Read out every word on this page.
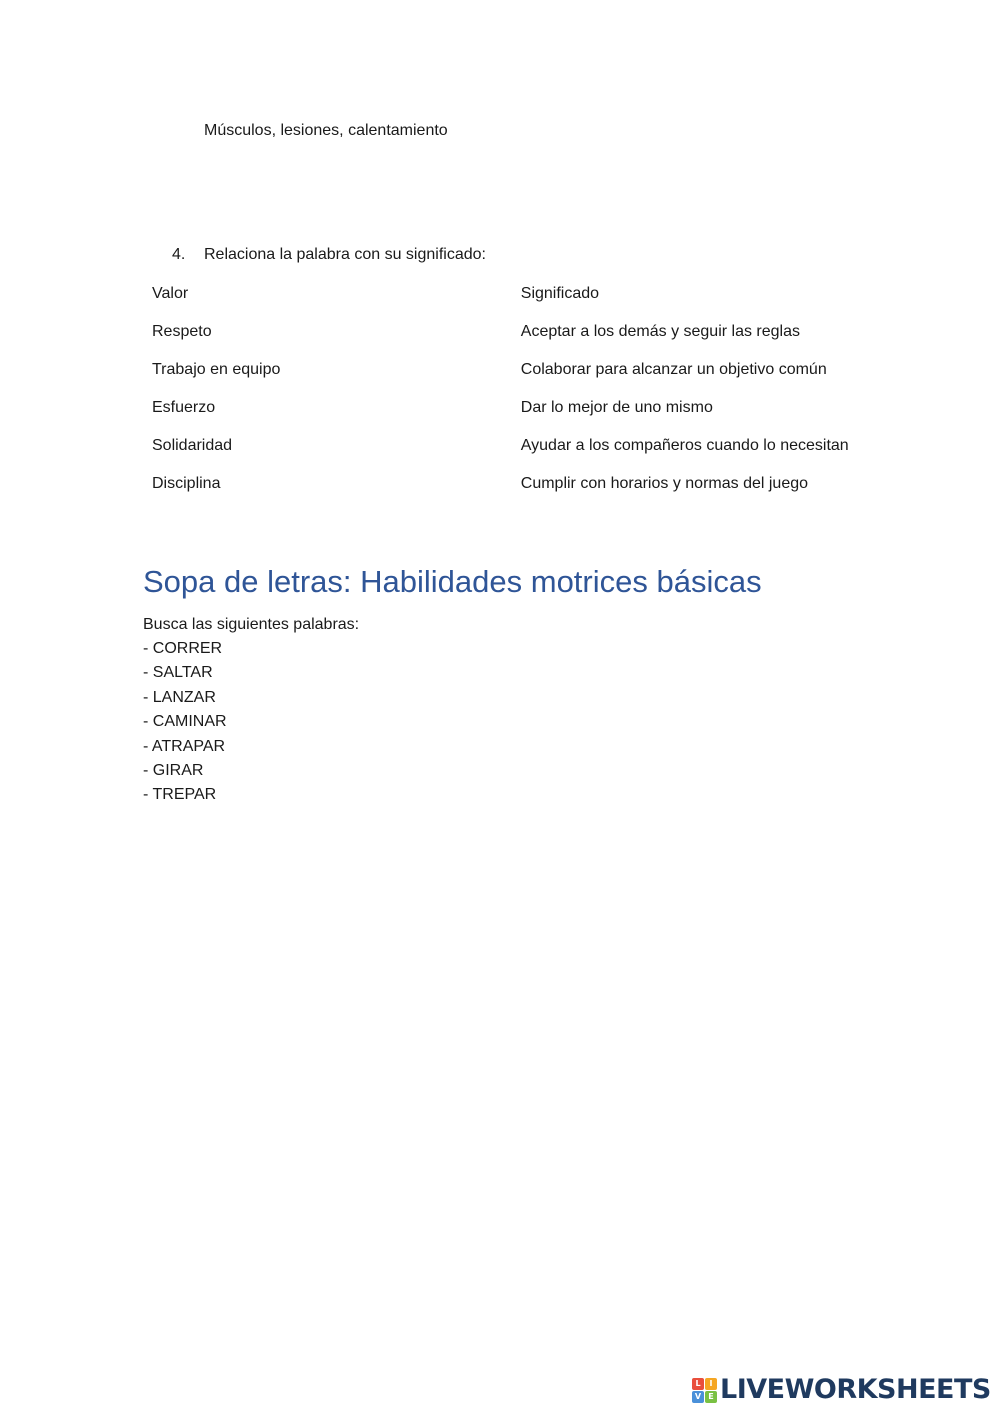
Músculos, lesiones, calentamiento
4.	Relaciona la palabra con su significado:
Valor	Significado
Respeto	Aceptar a los demás y seguir las reglas
Trabajo en equipo	Colaborar para alcanzar un objetivo común
Esfuerzo	Dar lo mejor de uno mismo
Solidaridad	Ayudar a los compañeros cuando lo necesitan
Disciplina	Cumplir con horarios y normas del juego
Sopa de letras: Habilidades motrices básicas
Busca las siguientes palabras:
- CORRER
- SALTAR
- LANZAR
- CAMINAR
- ATRAPAR
- GIRAR
- TREPAR
L	I
V E LIVEWORKSHEETS
